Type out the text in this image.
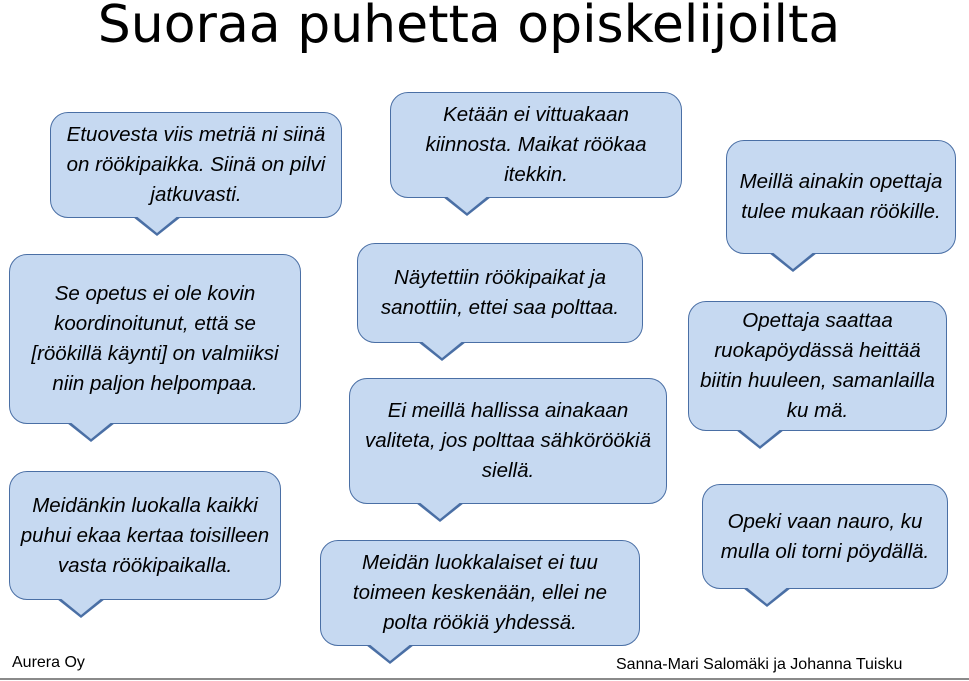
Suoraa puhetta opiskelijoilta
Etuovesta viis metriä ni siinä on röökipaikka. Siinä on pilvi jatkuvasti.
Ketään ei vittuakaan kiinnosta. Maikat röökaa itekkin.	Meillä ainakin opettaja tulee mukaan röökille.
Se opetus ei ole kovin koordinoitunut, että se [röökillä käynti] on valmiiksi niin paljon helpompaa.
Näytettiin röökipaikat ja sanottiin, ettei saa polttaa.
Opettaja saattaa ruokapöydässä heittää biitin huuleen, samanlailla ku mä.
Ei meillä hallissa ainakaan valiteta, jos polttaa sähköröökiä siellä.
Meidänkin luokalla kaikki puhui ekaa kertaa toisilleen vasta röökipaikalla.
Opeki vaan nauro, ku mulla oli torni pöydällä.
Meidän luokkalaiset ei tuu toimeen keskenään, ellei ne polta röökiä yhdessä.
Aurera Oy	Sanna-Mari Salomäki ja Johanna Tuisku
